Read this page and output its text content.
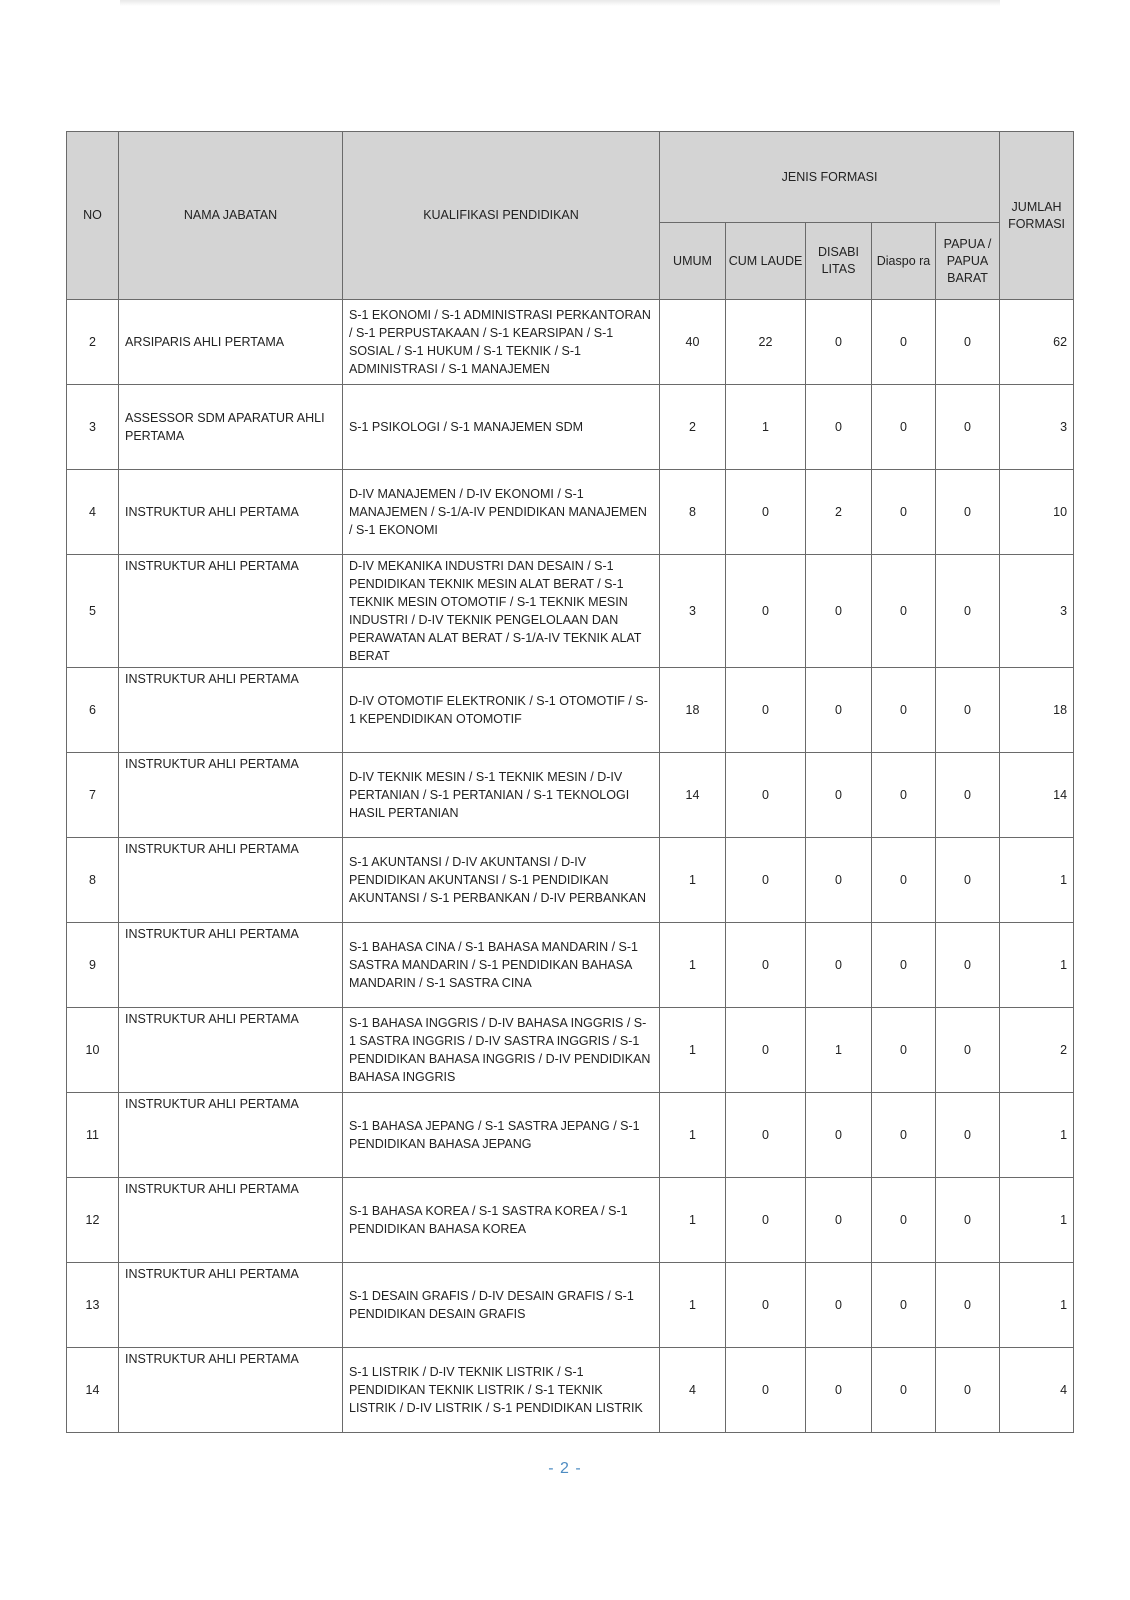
NO	NAMA JABATAN	KUALIFIKASI PENDIDIKAN	JENIS FORMASI					JUMLAH FORMASI
			UMUM	CUM LAUDE	DISABI LITAS	Diaspo ra	PAPUA / PAPUA BARAT	
2	ARSIPARIS AHLI PERTAMA	S-1 EKONOMI / S-1 ADMINISTRASI PERKANTORAN / S-1 PERPUSTAKAAN / S-1 KEARSIPAN / S-1 SOSIAL / S-1 HUKUM / S-1 TEKNIK / S-1 ADMINISTRASI / S-1 MANAJEMEN	40	22	0	0	0	62
3	ASSESSOR SDM APARATUR AHLI PERTAMA	S-1 PSIKOLOGI / S-1 MANAJEMEN SDM	2	1	0	0	0	3
4	INSTRUKTUR AHLI PERTAMA	D-IV MANAJEMEN / D-IV EKONOMI / S-1 MANAJEMEN / S-1/A-IV PENDIDIKAN MANAJEMEN / S-1 EKONOMI	8	0	2	0	0	10
5	INSTRUKTUR AHLI PERTAMA	D-IV MEKANIKA INDUSTRI DAN DESAIN / S-1 PENDIDIKAN TEKNIK MESIN ALAT BERAT / S-1 TEKNIK MESIN OTOMOTIF / S-1 TEKNIK MESIN INDUSTRI / D-IV TEKNIK PENGELOLAAN DAN PERAWATAN ALAT BERAT / S-1/A-IV TEKNIK ALAT BERAT	3	0	0	0	0	3
6	INSTRUKTUR AHLI PERTAMA	D-IV OTOMOTIF ELEKTRONIK / S-1 OTOMOTIF / S-1 KEPENDIDIKAN OTOMOTIF	18	0	0	0	0	18
7	INSTRUKTUR AHLI PERTAMA	D-IV TEKNIK MESIN / S-1 TEKNIK MESIN / D-IV PERTANIAN / S-1 PERTANIAN / S-1 TEKNOLOGI HASIL PERTANIAN	14	0	0	0	0	14
8	INSTRUKTUR AHLI PERTAMA	S-1 AKUNTANSI / D-IV AKUNTANSI / D-IV PENDIDIKAN AKUNTANSI / S-1 PENDIDIKAN AKUNTANSI / S-1 PERBANKAN / D-IV PERBANKAN	1	0	0	0	0	1
9	INSTRUKTUR AHLI PERTAMA	S-1 BAHASA CINA / S-1 BAHASA MANDARIN / S-1 SASTRA MANDARIN / S-1 PENDIDIKAN BAHASA MANDARIN / S-1 SASTRA CINA	1	0	0	0	0	1
10	INSTRUKTUR AHLI PERTAMA	S-1 BAHASA INGGRIS / D-IV BAHASA INGGRIS / S-1 SASTRA INGGRIS / D-IV SASTRA INGGRIS / S-1 PENDIDIKAN BAHASA INGGRIS / D-IV PENDIDIKAN BAHASA INGGRIS	1	0	1	0	0	2
11	INSTRUKTUR AHLI PERTAMA	S-1 BAHASA JEPANG / S-1 SASTRA JEPANG / S-1 PENDIDIKAN BAHASA JEPANG	1	0	0	0	0	1
12	INSTRUKTUR AHLI PERTAMA	S-1 BAHASA KOREA / S-1 SASTRA KOREA / S-1 PENDIDIKAN BAHASA KOREA	1	0	0	0	0	1
13	INSTRUKTUR AHLI PERTAMA	S-1 DESAIN GRAFIS / D-IV DESAIN GRAFIS / S-1 PENDIDIKAN DESAIN GRAFIS	1	0	0	0	0	1
14	INSTRUKTUR AHLI PERTAMA	S-1 LISTRIK / D-IV TEKNIK LISTRIK / S-1 PENDIDIKAN TEKNIK LISTRIK / S-1 TEKNIK LISTRIK / D-IV LISTRIK / S-1 PENDIDIKAN LISTRIK	4	0	0	0	0	4
- 2 -
